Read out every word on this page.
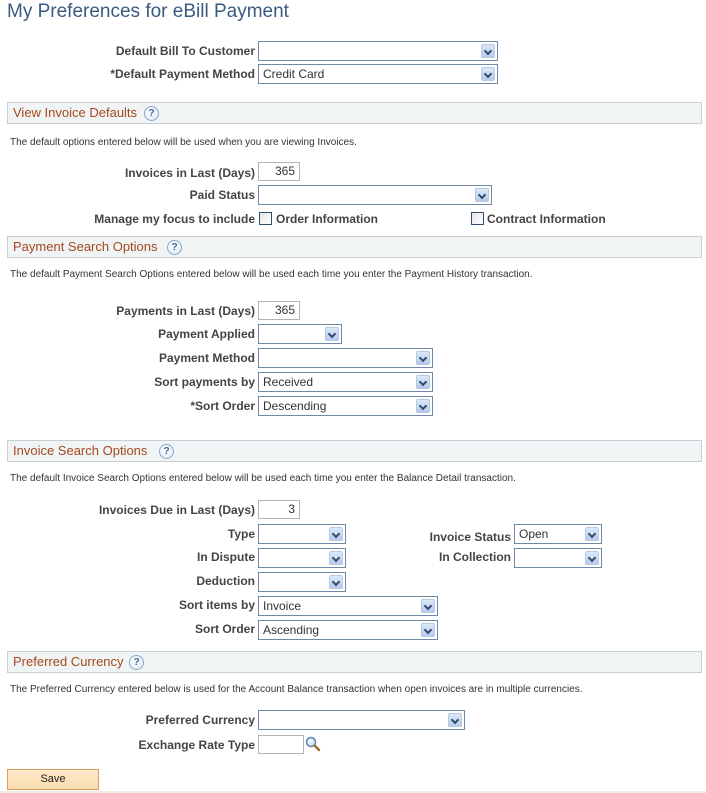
My Preferences for eBill Payment
Default Bill To Customer
*Default Payment Method Credit Card
View Invoice Defaults	?
The default options entered below will be used when you are viewing Invoices.
Invoices in Last (Days)	365
Paid Status
Manage my focus to include Order Information	Contract Information
Payment Search Options	?
The default Payment Search Options entered below will be used each time you enter the Payment History transaction.
Payments in Last (Days)	365
Payment Applied
Payment Method
Sort payments by Received
*Sort Order Descending
Invoice Search Options	?
The default Invoice Search Options entered below will be used each time you enter the Balance Detail transaction.
Invoices Due in Last (Days)	3
Type	Invoice Status Open
In Dispute	In Collection
Deduction
Sort items by Invoice
Sort Order Ascending
Preferred Currency ?
The Preferred Currency entered below is used for the Account Balance transaction when open invoices are in multiple currencies.
Preferred Currency
Exchange Rate Type
Save
